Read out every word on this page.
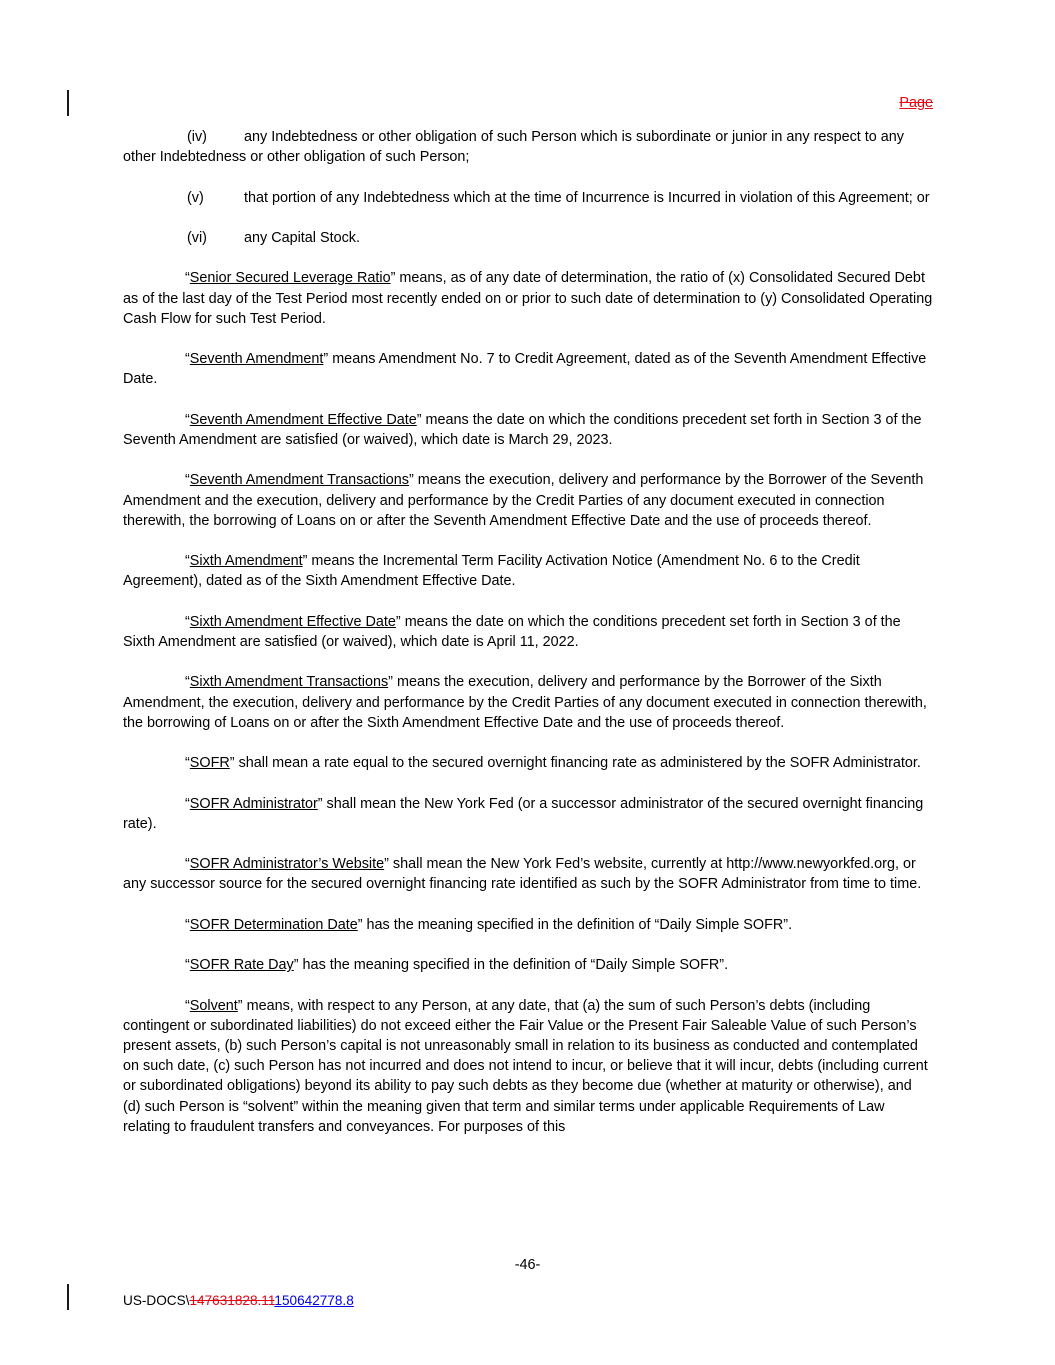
Page

(iv)	any Indebtedness or other obligation of such Person which is subordinate or junior in any respect to any other Indebtedness or other obligation of such Person;

(v)	that portion of any Indebtedness which at the time of Incurrence is Incurred in violation of this Agreement; or

(vi)	any Capital Stock.

“Senior Secured Leverage Ratio” means, as of any date of determination, the ratio of (x) Consolidated Secured Debt as of the last day of the Test Period most recently ended on or prior to such date of determination to (y) Consolidated Operating Cash Flow for such Test Period.

“Seventh Amendment” means Amendment No. 7 to Credit Agreement, dated as of the Seventh Amendment Effective Date.

“Seventh Amendment Effective Date” means the date on which the conditions precedent set forth in Section 3 of the Seventh Amendment are satisfied (or waived), which date is March 29, 2023.

“Seventh Amendment Transactions” means the execution, delivery and performance by the Borrower of the Seventh Amendment and the execution, delivery and performance by the Credit Parties of any document executed in connection therewith, the borrowing of Loans on or after the Seventh Amendment Effective Date and the use of proceeds thereof.

“Sixth Amendment” means the Incremental Term Facility Activation Notice (Amendment No. 6 to the Credit Agreement), dated as of the Sixth Amendment Effective Date.

“Sixth Amendment Effective Date” means the date on which the conditions precedent set forth in Section 3 of the Sixth Amendment are satisfied (or waived), which date is April 11, 2022.

“Sixth Amendment Transactions” means the execution, delivery and performance by the Borrower of the Sixth Amendment, the execution, delivery and performance by the Credit Parties of any document executed in connection therewith, the borrowing of Loans on or after the Sixth Amendment Effective Date and the use of proceeds thereof.

“SOFR” shall mean a rate equal to the secured overnight financing rate as administered by the SOFR Administrator.

“SOFR Administrator” shall mean the New York Fed (or a successor administrator of the secured overnight financing rate).

“SOFR Administrator’s Website” shall mean the New York Fed’s website, currently at http://www.newyorkfed.org, or any successor source for the secured overnight financing rate identified as such by the SOFR Administrator from time to time.

“SOFR Determination Date” has the meaning specified in the definition of “Daily Simple SOFR”.

“SOFR Rate Day” has the meaning specified in the definition of “Daily Simple SOFR”.

“Solvent” means, with respect to any Person, at any date, that (a) the sum of such Person’s debts (including contingent or subordinated liabilities) do not exceed either the Fair Value or the Present Fair Saleable Value of such Person’s present assets, (b) such Person’s capital is not unreasonably small in relation to its business as conducted and contemplated on such date, (c) such Person has not incurred and does not intend to incur, or believe that it will incur, debts (including current or subordinated obligations) beyond its ability to pay such debts as they become due (whether at maturity or otherwise), and (d) such Person is “solvent” within the meaning given that term and similar terms under applicable Requirements of Law relating to fraudulent transfers and conveyances. For purposes of this

-46-
US-DOCS\147631828.11150642778.8
